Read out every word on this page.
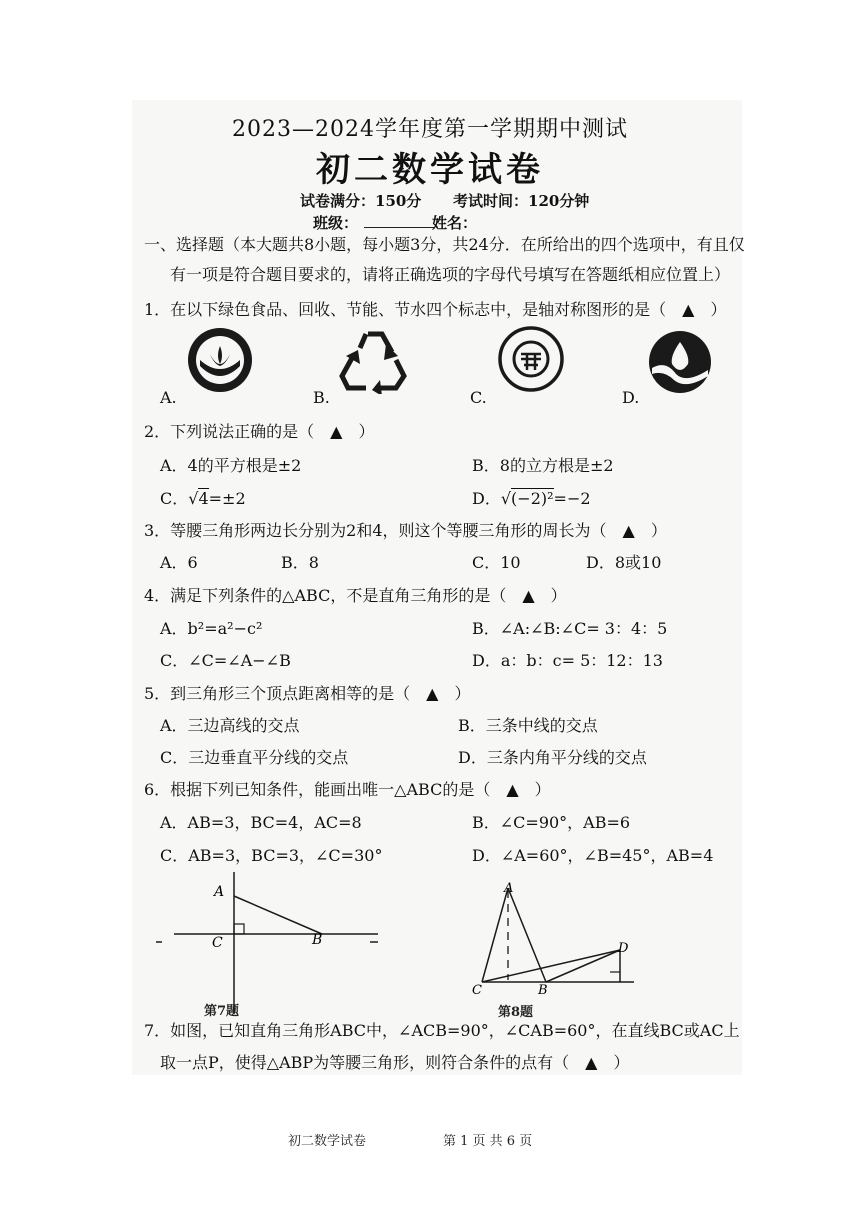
2023—2024学年度第一学期期中测试
初二数学试卷
试卷满分：150分 考试时间：120分钟
班级：	姓名：
一、选择题（本大题共8小题，每小题3分，共24分．在所给出的四个选项中，有且仅
有一项是符合题目要求的，请将正确选项的字母代号填写在答题纸相应位置上）
1．在以下绿色食品、回收、节能、节水四个标志中，是轴对称图形的是（　▲　）
A.	B.	C.	D.
2．下列说法正确的是（　▲　）
A．4的平方根是±2	B．8的立方根是±2
C．√4=±2	D．√(−2)²=−2
3．等腰三角形两边长分别为2和4，则这个等腰三角形的周长为（　▲　）
A．6	B．8	C．10	D．8或10
4．满足下列条件的△ABC，不是直角三角形的是（　▲　）
A．b²=a²−c²	B．∠A:∠B:∠C= 3：4：5
C．∠C=∠A−∠B	D．a：b：c= 5：12：13
5．到三角形三个顶点距离相等的是（　▲　）
A．三边高线的交点	B．三条中线的交点
C．三边垂直平分线的交点	D．三条内角平分线的交点
6．根据下列已知条件，能画出唯一△ABC的是（　▲　）
A．AB=3，BC=4，AC=8	B．∠C=90°，AB=6
C．AB=3，BC=3，∠C=30°	D．∠A=60°，∠B=45°，AB=4
A
C	B
第7题
A
C	B
D
第8题
7．如图，已知直角三角形ABC中，∠ACB=90°，∠CAB=60°，在直线BC或AC上
取一点P，使得△ABP为等腰三角形，则符合条件的点有（　▲　）
初二数学试卷	第 1 页 共 6 页
